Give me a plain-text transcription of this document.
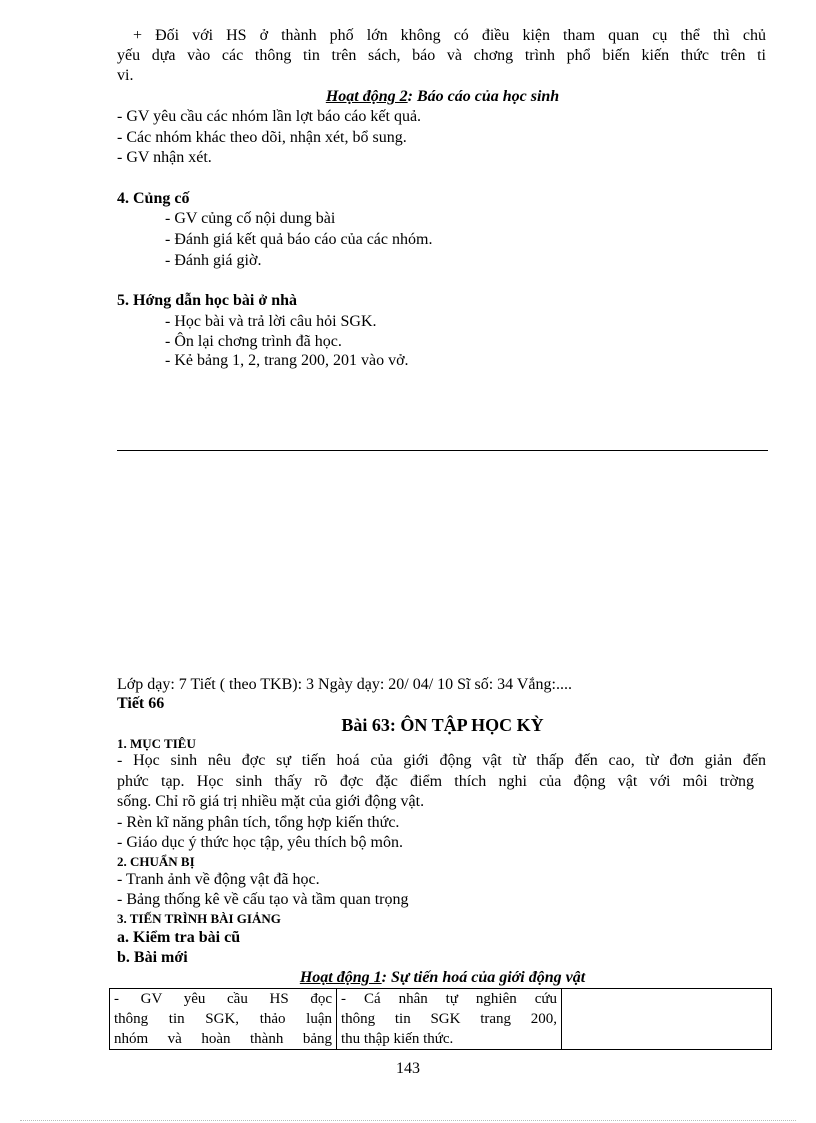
+ Đối với HS ở thành phố lớn không có điều kiện tham quan cụ thể thì chủ
yếu dựa vào các thông tin trên sách, báo và chơng trình phổ biến kiến thức trên ti
vi.
Hoạt động 2: Báo cáo của học sinh
- GV yêu cầu các nhóm lần lợt báo cáo kết quả.
- Các nhóm khác theo dõi, nhận xét, bổ sung.
- GV nhận xét.
4. Củng cố
- GV củng cố nội dung bài
- Đánh giá kết quả báo cáo của các nhóm.
- Đánh giá giờ.
5. Hớng dẫn học bài ở nhà
- Học bài và trả lời câu hỏi SGK.
- Ôn lại chơng trình đã học.
- Kẻ bảng 1, 2, trang 200, 201 vào vở.
Lớp dạy: 7 Tiết ( theo TKB): 3 Ngày dạy: 20/ 04/ 10 Sĩ số: 34 Vắng:....
Tiết 66
Bài 63: ÔN TẬP HỌC KỲ
1. MỤC TIÊU
- Học sinh nêu đợc sự tiến hoá của giới động vật từ thấp đến cao, từ đơn giản đến
phức tạp. Học sinh thấy rõ đợc đặc điểm thích nghi của động vật với môi trờng
sống. Chỉ rõ giá trị nhiều mặt của giới động vật.
- Rèn kĩ năng phân tích, tổng hợp kiến thức.
- Giáo dục ý thức học tập, yêu thích bộ môn.
2. CHUẨN BỊ
- Tranh ảnh về động vật đã học.
- Bảng thống kê về cấu tạo và tầm quan trọng
3. TIẾN TRÌNH BÀI GIẢNG
a. Kiểm tra bài cũ
b. Bài mới
Hoạt động 1: Sự tiến hoá của giới động vật
- GV yêu cầu HS đọc
thông tin SGK, thảo luận
nhóm và hoàn thành bảng

- Cá nhân tự nghiên cứu
thông tin SGK trang 200,
thu thập kiến thức.

143
